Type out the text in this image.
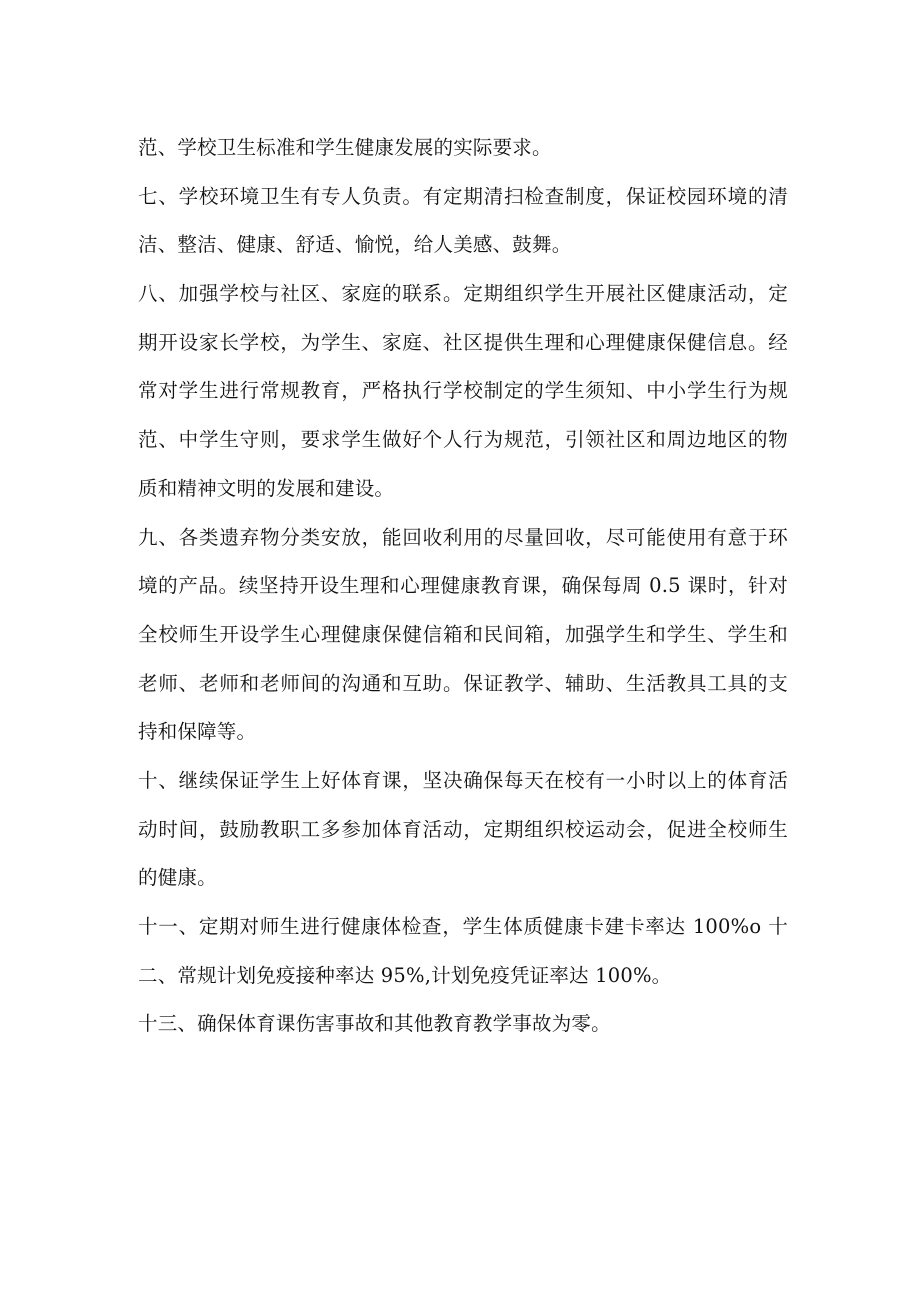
范、学校卫生标准和学生健康发展的实际要求。
七、学校环境卫生有专人负责。有定期清扫检查制度，保证校园环境的清
洁、整洁、健康、舒适、愉悦，给人美感、鼓舞。
八、加强学校与社区、家庭的联系。定期组织学生开展社区健康活动，定
期开设家长学校，为学生、家庭、社区提供生理和心理健康保健信息。经
常对学生进行常规教育，严格执行学校制定的学生须知、中小学生行为规
范、中学生守则，要求学生做好个人行为规范，引领社区和周边地区的物
质和精神文明的发展和建设。
九、各类遗弃物分类安放，能回收利用的尽量回收，尽可能使用有意于环
境的产品。续坚持开设生理和心理健康教育课，确保每周 0.5 课时，针对
全校师生开设学生心理健康保健信箱和民间箱，加强学生和学生、学生和
老师、老师和老师间的沟通和互助。保证教学、辅助、生活教具工具的支
持和保障等。
十、继续保证学生上好体育课，坚决确保每天在校有一小时以上的体育活
动时间，鼓励教职工多参加体育活动，定期组织校运动会，促进全校师生
的健康。
十一、定期对师生进行健康体检查，学生体质健康卡建卡率达 100%o 十
二、常规计划免疫接种率达 95%,计划免疫凭证率达 100%。
十三、确保体育课伤害事故和其他教育教学事故为零。
